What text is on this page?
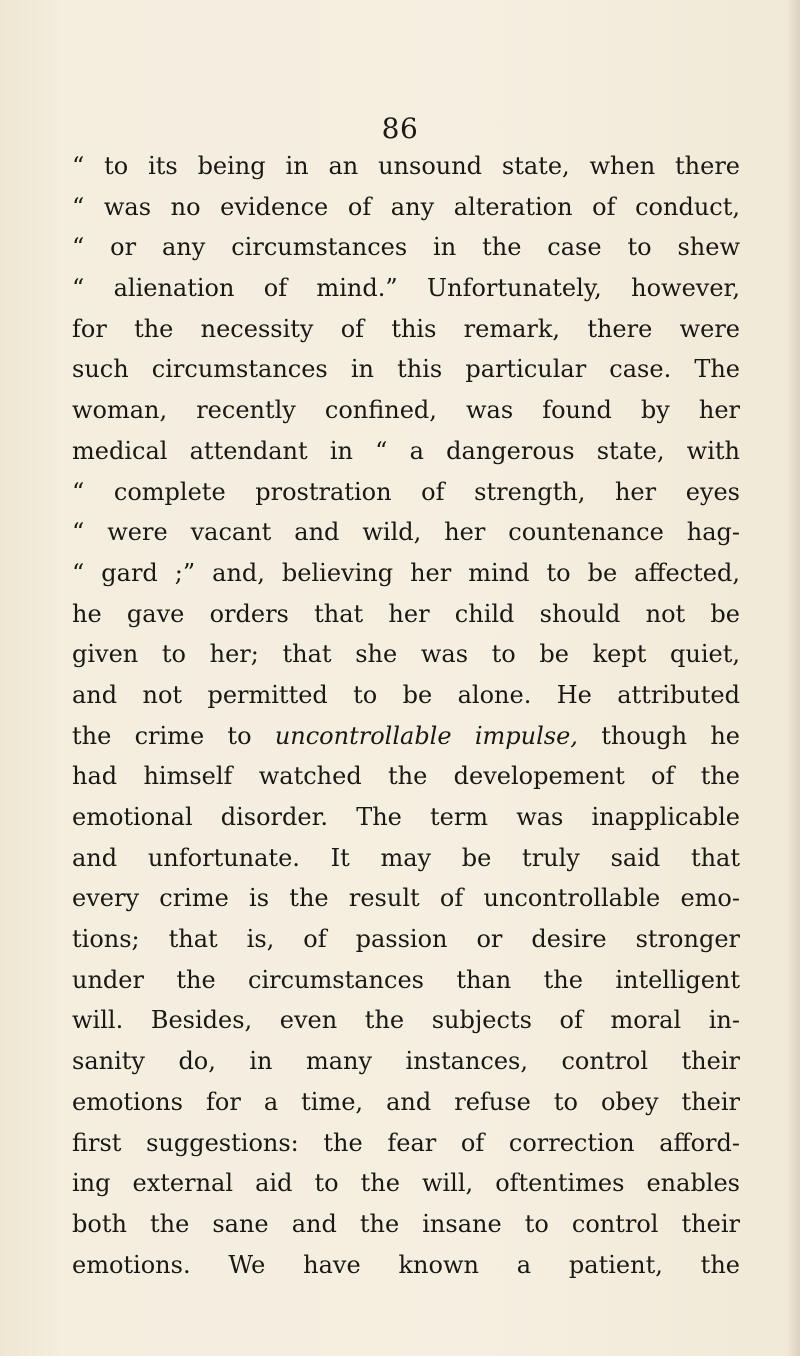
86
“ to its being in an unsound state, when there
“ was no evidence of any alteration of conduct,
“ or any circumstances in the case to shew
“ alienation of mind.” Unfortunately, however,
for the necessity of this remark, there were
such circumstances in this particular case. The
woman, recently confined, was found by her
medical attendant in “ a dangerous state, with
“ complete prostration of strength, her eyes
“ were vacant and wild, her countenance hag-
“ gard ;” and, believing her mind to be affected,
he gave orders that her child should not be
given to her; that she was to be kept quiet,
and not permitted to be alone. He attributed
the crime to uncontrollable impulse, though he
had himself watched the developement of the
emotional disorder. The term was inapplicable
and unfortunate. It may be truly said that
every crime is the result of uncontrollable emo-
tions; that is, of passion or desire stronger
under the circumstances than the intelligent
will. Besides, even the subjects of moral in-
sanity do, in many instances, control their
emotions for a time, and refuse to obey their
first suggestions: the fear of correction afford-
ing external aid to the will, oftentimes enables
both the sane and the insane to control their
emotions. We have known a patient, the
